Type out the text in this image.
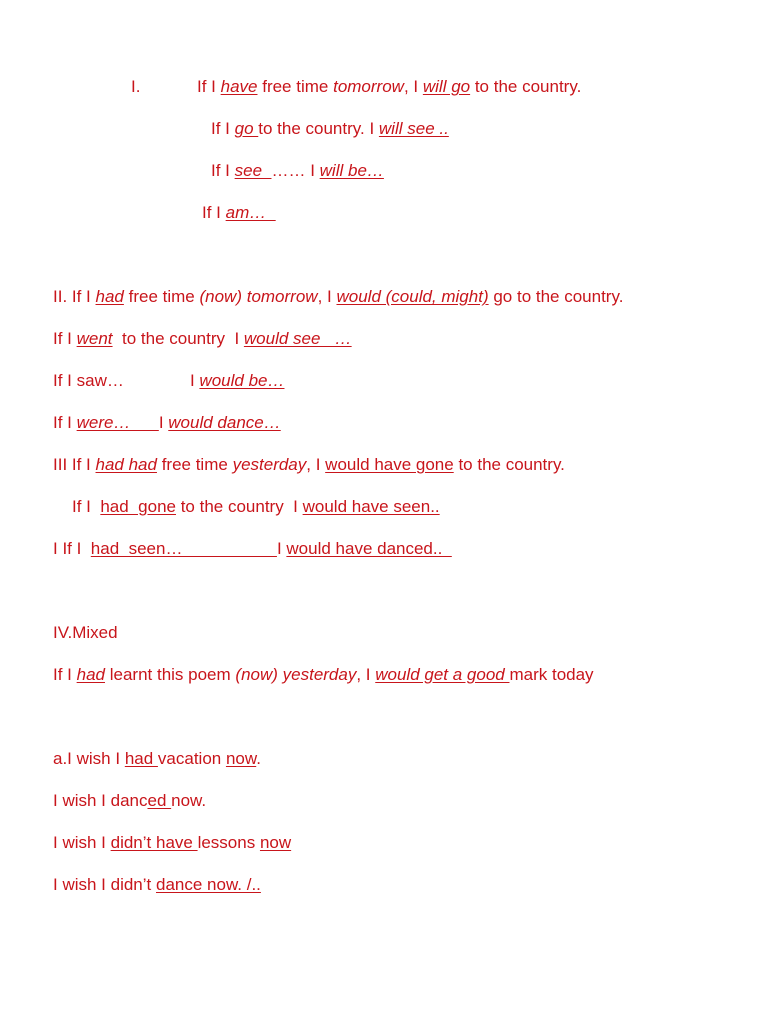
I.	If I have free time tomorrow, I will go to the country.
If I go to the country. I will see ..
If I see  …… I will be…
If I am…
II. If I had free time (now) tomorrow, I would (could, might) go to the country.
If I went  to the country  I would see   …
If I saw…              I would be…
If I were…      I would dance…
III If I had had free time yesterday, I would have gone to the country.
If I  had  gone to the country  I would have seen..
I If I  had  seen…                    I would have danced..
IV.Mixed
If I had learnt this poem (now) yesterday, I would get a good mark today
a.I wish I had vacation now.
I wish I danced now.
I wish I didn’t have lessons now
I wish I didn’t dance now. /..
